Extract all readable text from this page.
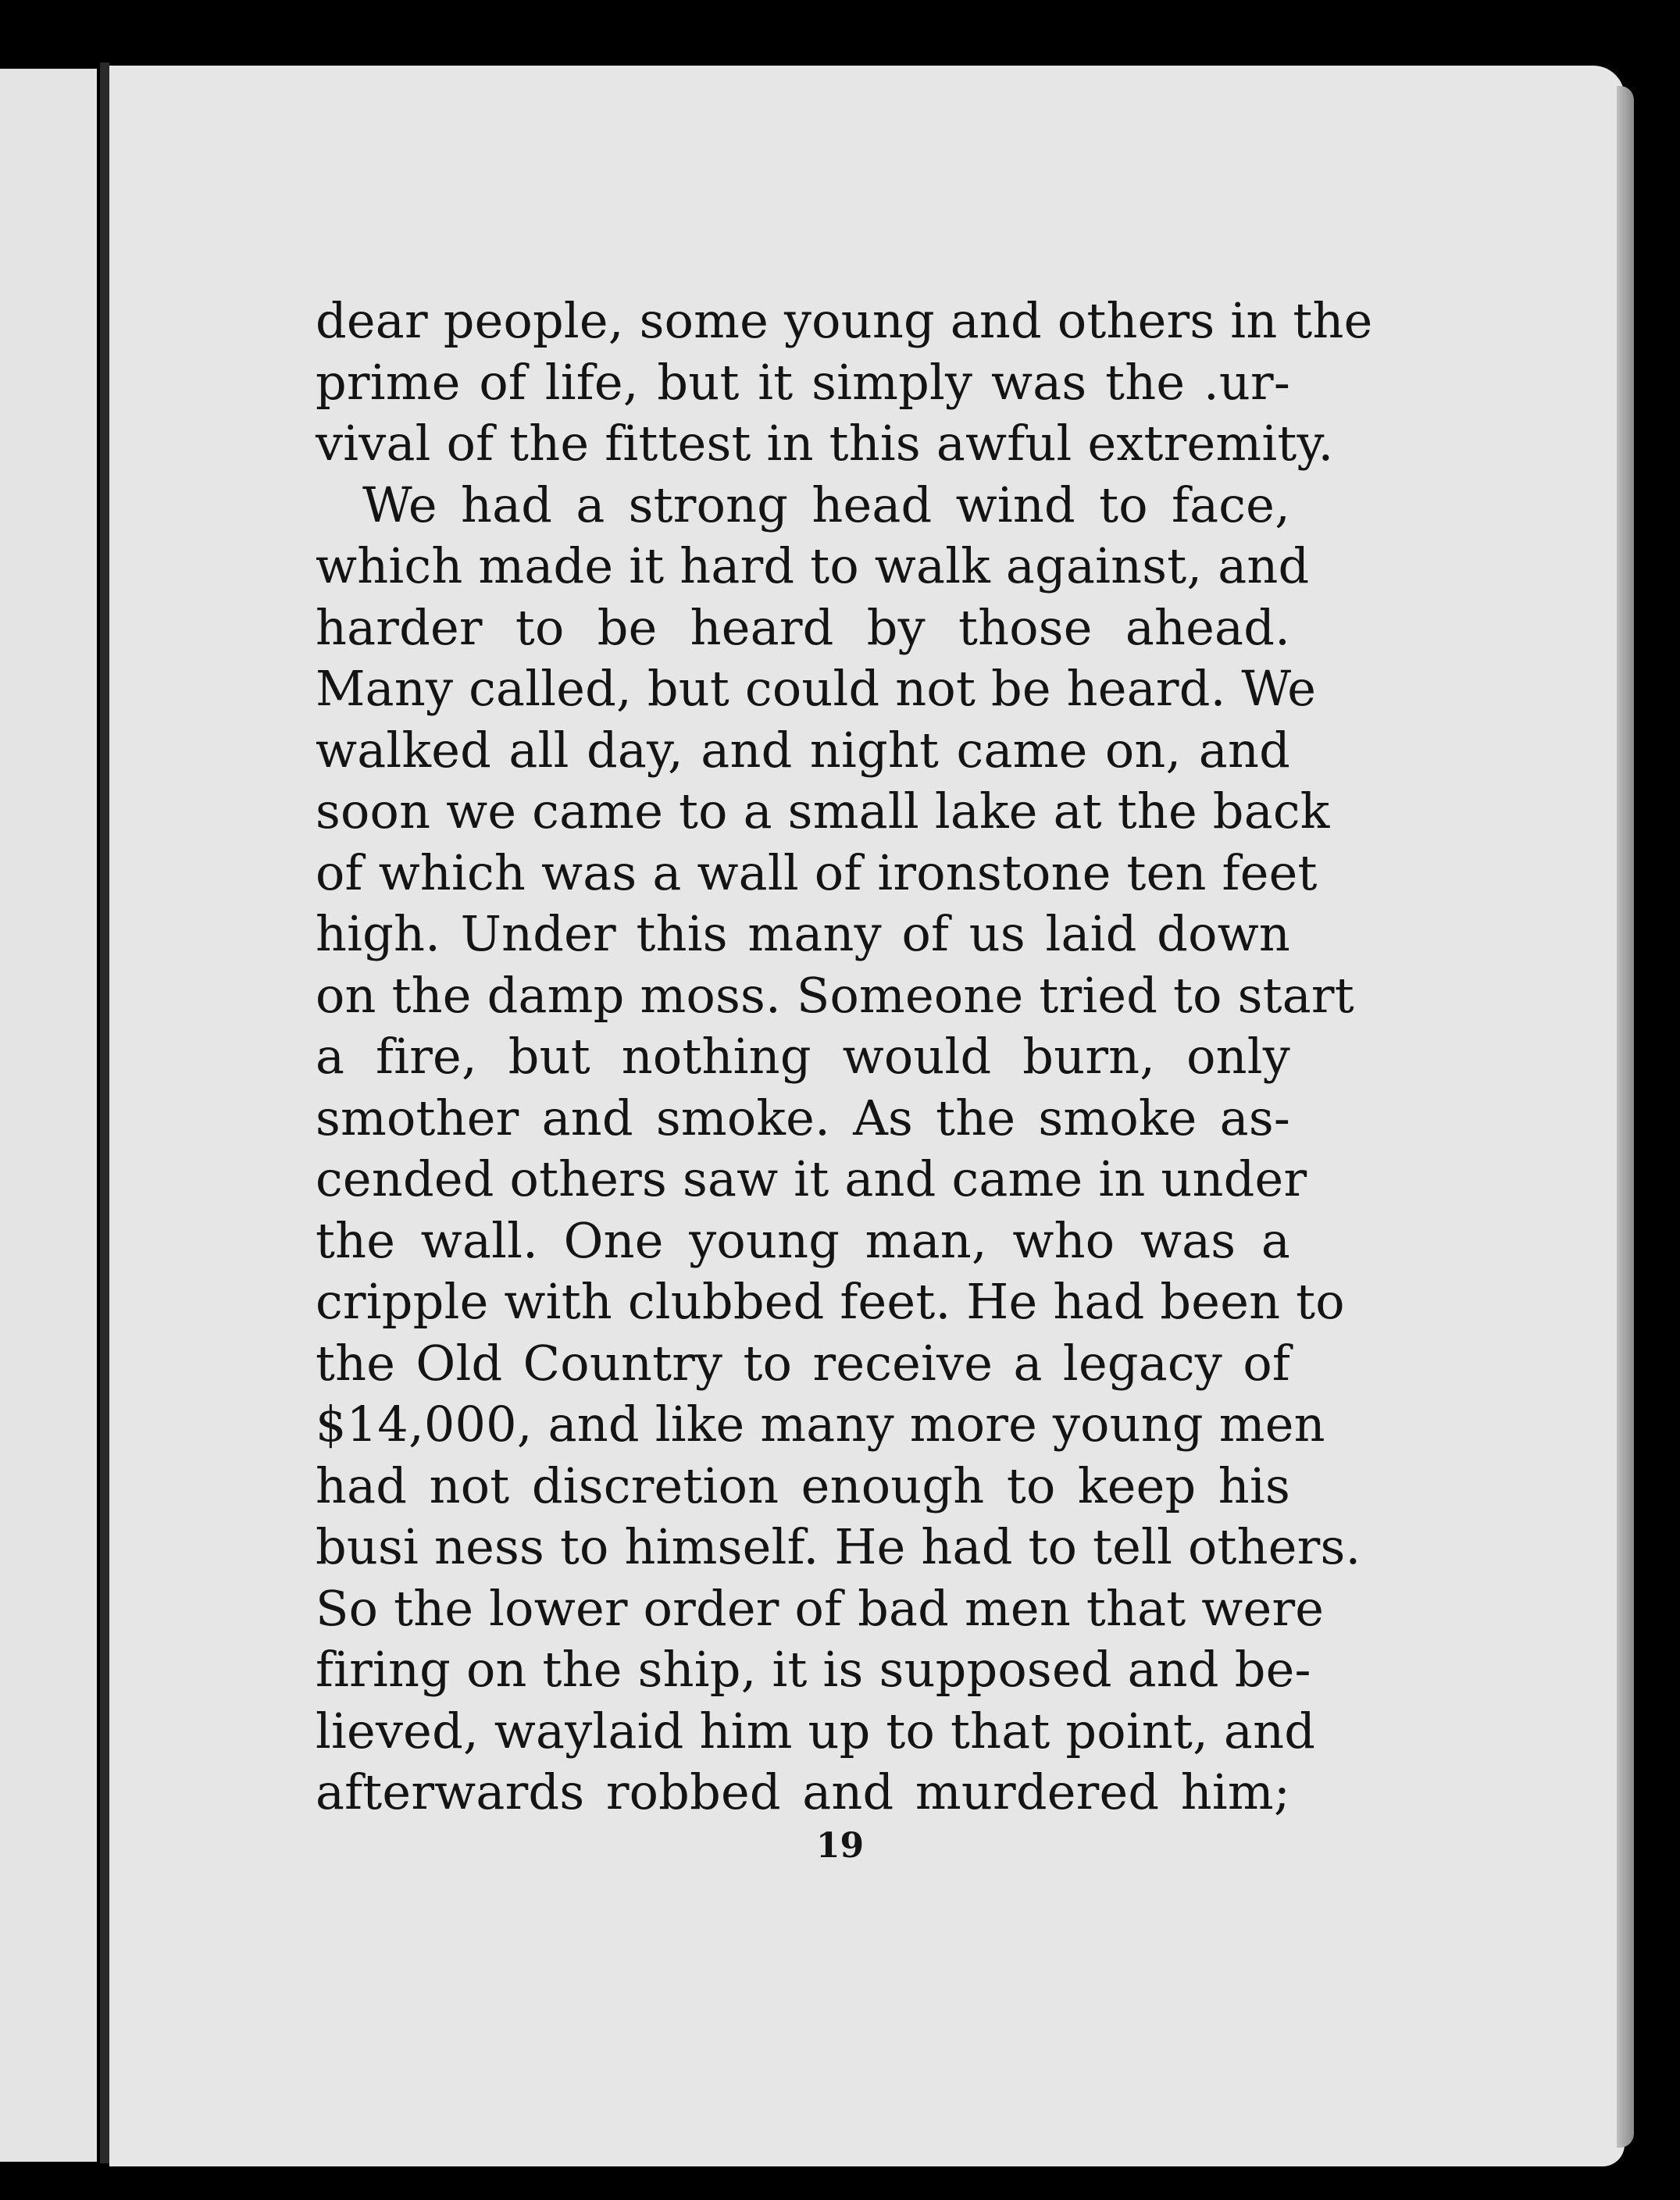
dear people, some young and others in the
prime of life, but it simply was the .ur-
vival of the fittest in this awful extremity.
We had a strong head wind to face,
which made it hard to walk against, and
harder to be heard by those ahead.
Many called, but could not be heard. We
walked all day, and night came on, and
soon we came to a small lake at the back
of which was a wall of ironstone ten feet
high. Under this many of us laid down
on the damp moss. Someone tried to start
a fire, but nothing would burn, only
smother and smoke. As the smoke as-
cended others saw it and came in under
the wall. One young man, who was a
cripple with clubbed feet. He had been to
the Old Country to receive a legacy of
$14,000, and like many more young men
had not discretion enough to keep his
busi ness to himself. He had to tell others.
So the lower order of bad men that were
firing on the ship, it is supposed and be-
lieved, waylaid him up to that point, and
afterwards robbed and murdered him;
19
